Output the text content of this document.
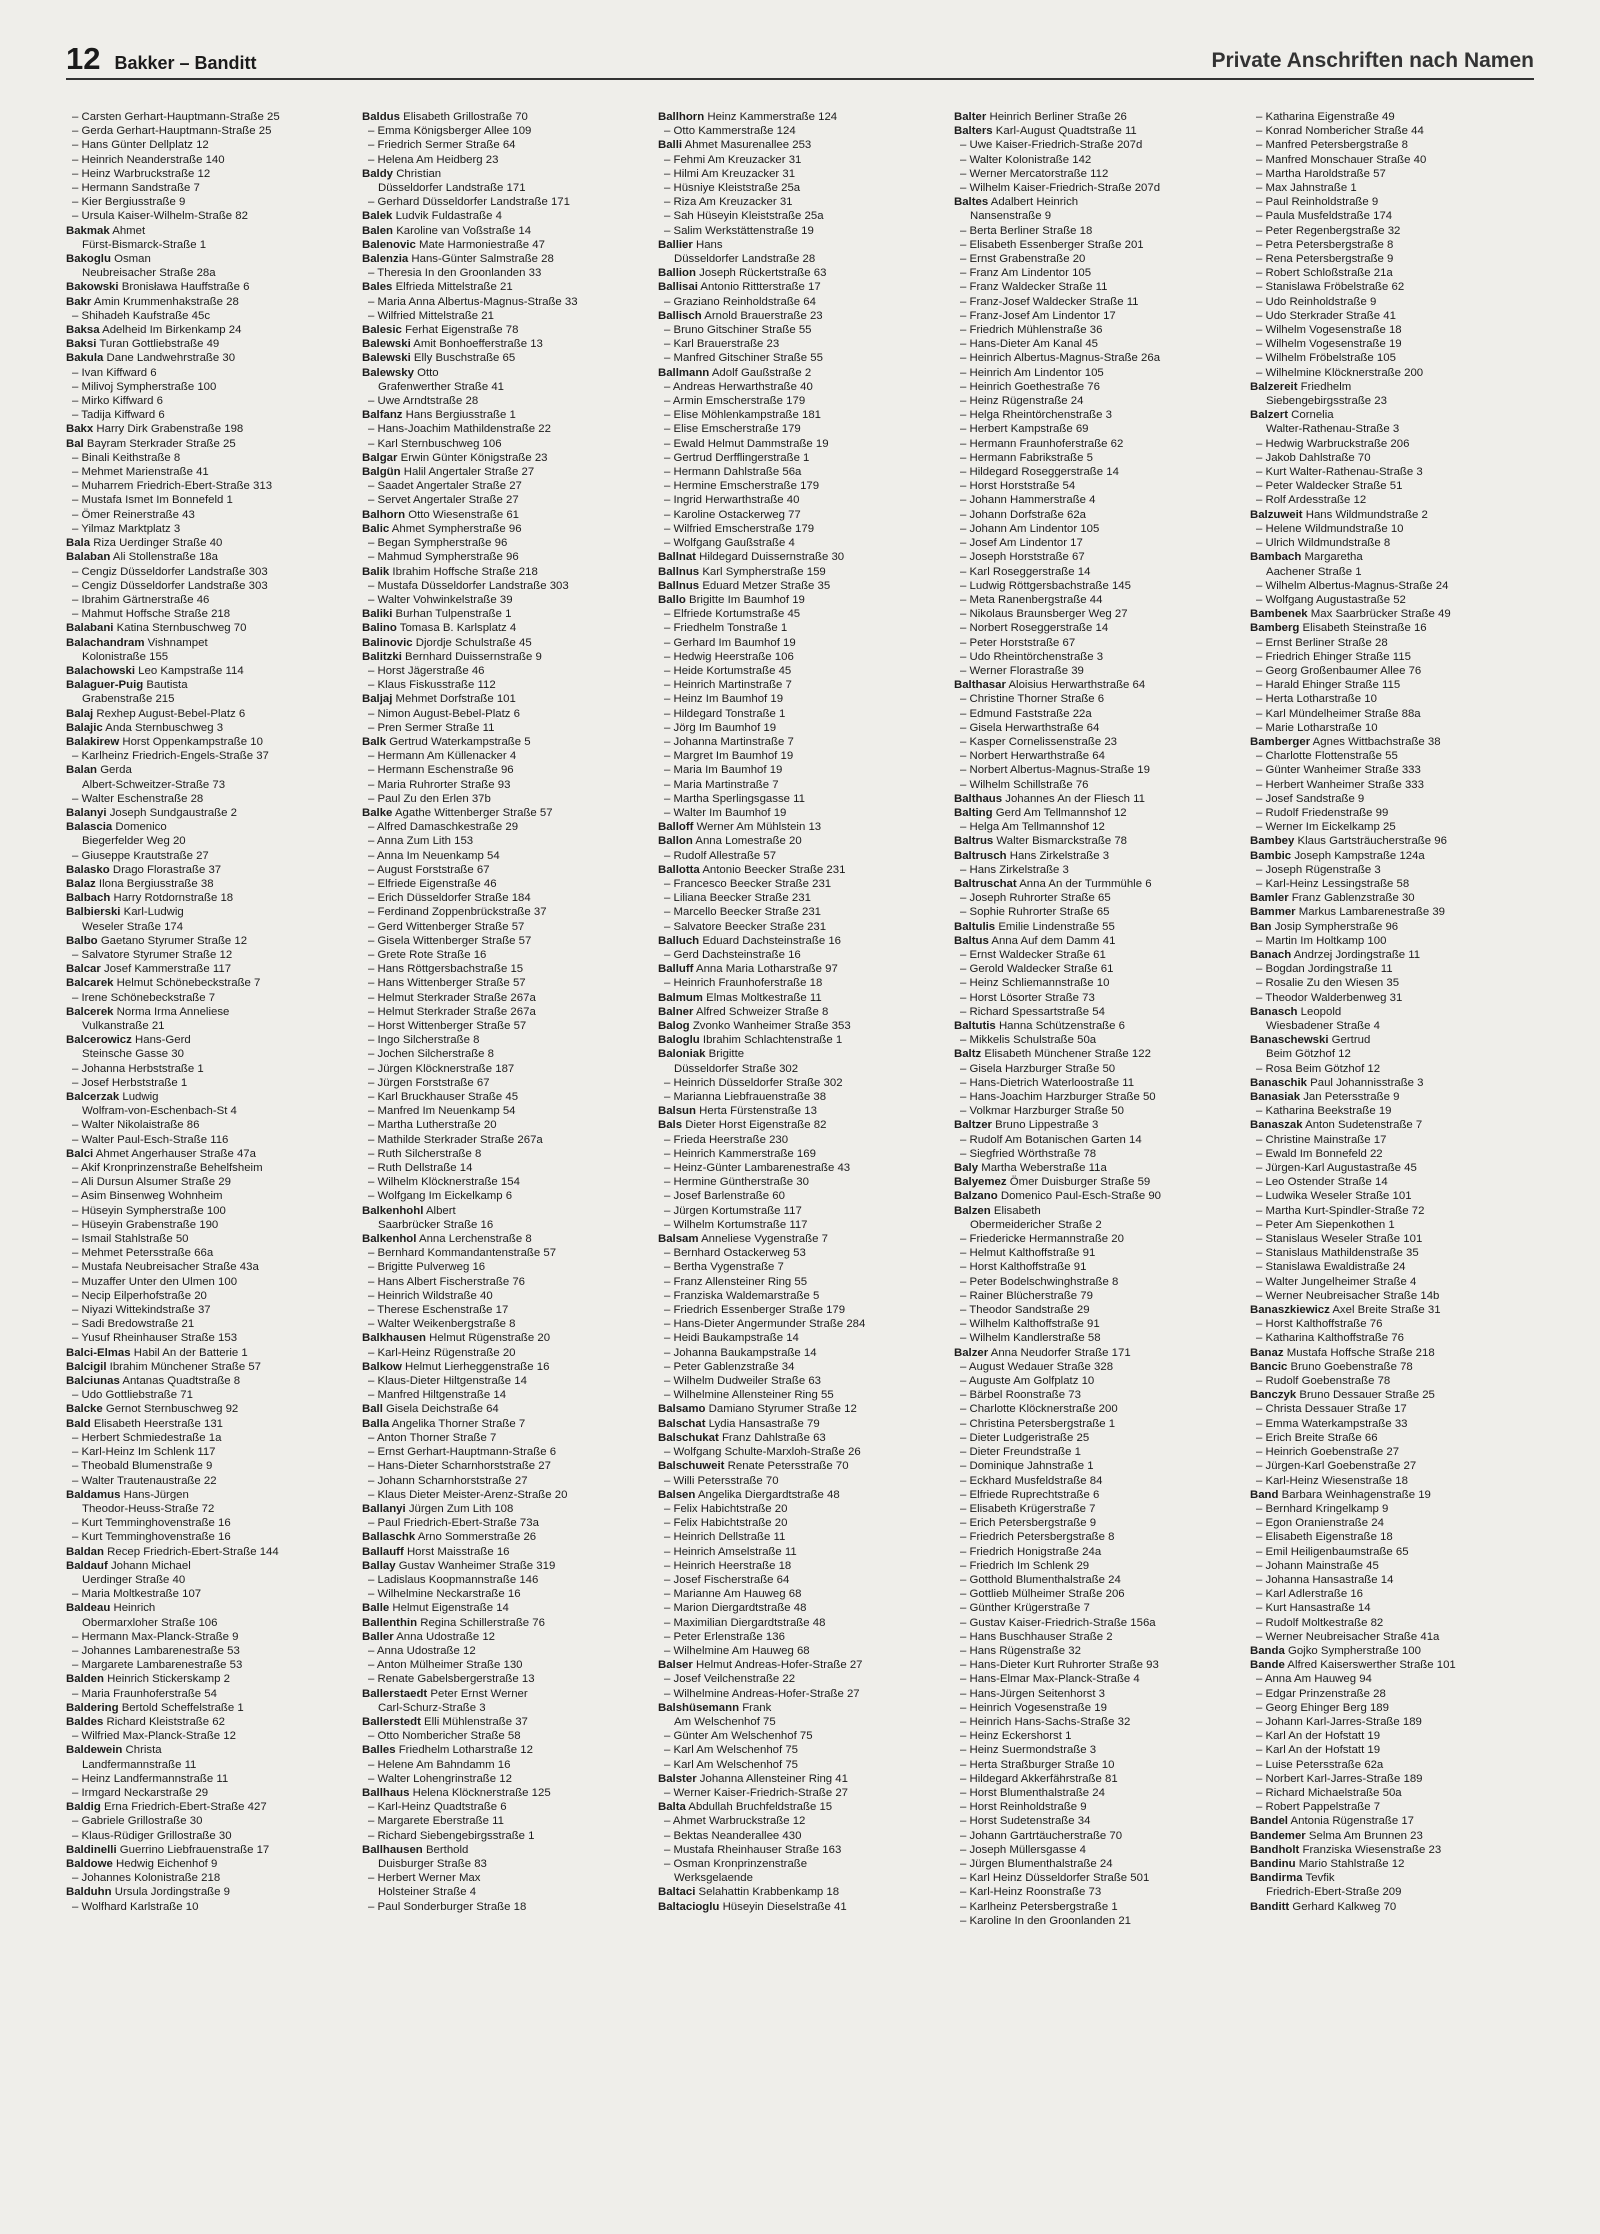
12 Bakker – Banditt	Private Anschriften nach Namen
– Carsten Gerhart-Hauptmann-Straße 25
– Gerda Gerhart-Hauptmann-Straße 25
– Hans Günter Dellplatz 12
– Heinrich Neanderstraße 140
– Heinz Warbruckstraße 12
– Hermann Sandstraße 7
– Kier Bergiusstraße 9
– Ursula Kaiser-Wilhelm-Straße 82
Bakmak Ahmet
Fürst-Bismarck-Straße 1
Bakoglu Osman
Neubreisacher Straße 28a
Bakowski Bronisława Hauffstraße 6
Bakr Amin Krummenhakstraße 28
– Shihadeh Kaufstraße 45c
Baksa Adelheid Im Birkenkamp 24
Baksi Turan Gottliebstraße 49
Bakula Dane Landwehrstraße 30
– Ivan Kiffward 6
– Milivoj Sympherstraße 100
– Mirko Kiffward 6
– Tadija Kiffward 6
Bakx Harry Dirk Grabenstraße 198
Bal Bayram Sterkrader Straße 25
– Binali Keithstraße 8
– Mehmet Marienstraße 41
– Muharrem Friedrich-Ebert-Straße 313
– Mustafa Ismet Im Bonnefeld 1
– Ömer Reinerstraße 43
– Yilmaz Marktplatz 3
Bala Riza Uerdinger Straße 40
Balaban Ali Stollenstraße 18a
– Cengiz Düsseldorfer Landstraße 303
– Cengiz Düsseldorfer Landstraße 303
– Ibrahim Gärtnerstraße 46
– Mahmut Hoffsche Straße 218
Balabani Katina Sternbuschweg 70
Balachandram Vishnampet
Kolonistraße 155
Balachowski Leo Kampstraße 114
Balaguer-Puig Bautista
Grabenstraße 215
Balaj Rexhep August-Bebel-Platz 6
Balajic Anda Sternbuschweg 3
Balakirew Horst Oppenkampstraße 10
– Karlheinz Friedrich-Engels-Straße 37
Balan Gerda
Albert-Schweitzer-Straße 73
– Walter Eschenstraße 28
Balanyi Joseph Sundgaustraße 2
Balascia Domenico
Biegerfelder Weg 20
– Giuseppe Krautstraße 27
Balasko Drago Florastraße 37
Balaz Ilona Bergiusstraße 38
Balbach Harry Rotdornstraße 18
Balbierski Karl-Ludwig
Weseler Straße 174
Balbo Gaetano Styrumer Straße 12
– Salvatore Styrumer Straße 12
Balcar Josef Kammerstraße 117
Balcarek Helmut Schönebeckstraße 7
– Irene Schönebeckstraße 7
Balcerek Norma Irma Anneliese
Vulkanstraße 21
Balcerowicz Hans-Gerd
Steinsche Gasse 30
– Johanna Herbststraße 1
– Josef Herbststraße 1
Balcerzak Ludwig
Wolfram-von-Eschenbach-St 4
– Walter Nikolaistraße 86
– Walter Paul-Esch-Straße 116
Balci Ahmet Angerhauser Straße 47a
– Akif Kronprinzenstraße Behelfsheim
– Ali Dursun Alsumer Straße 29
– Asim Binsenweg Wohnheim
– Hüseyin Sympherstraße 100
– Hüseyin Grabenstraße 190
– Ismail Stahlstraße 50
– Mehmet Petersstraße 66a
– Mustafa Neubreisacher Straße 43a
– Muzaffer Unter den Ulmen 100
– Necip Eilperhofstraße 20
– Niyazi Wittekindstraße 37
– Sadi Bredowstraße 21
– Yusuf Rheinhauser Straße 153
Balci-Elmas Habil An der Batterie 1
Balcigil Ibrahim Münchener Straße 57
Balciunas Antanas Quadtstraße 8
– Udo Gottliebstraße 71
Balcke Gernot Sternbuschweg 92
Bald Elisabeth Heerstraße 131
– Herbert Schmiedestraße 1a
– Karl-Heinz Im Schlenk 117
– Theobald Blumenstraße 9
– Walter Trautenaustraße 22
Baldamus Hans-Jürgen
Theodor-Heuss-Straße 72
– Kurt Temminghovenstraße 16
– Kurt Temminghovenstraße 16
Baldan Recep Friedrich-Ebert-Straße 144
Baldauf Johann Michael
Uerdinger Straße 40
– Maria Moltkestraße 107
Baldeau Heinrich
Obermarxloher Straße 106
– Hermann Max-Planck-Straße 9
– Johannes Lambarenestraße 53
– Margarete Lambarenestraße 53
Balden Heinrich Stickerskamp 2
– Maria Fraunhoferstraße 54
Baldering Bertold Scheffelstraße 1
Baldes Richard Kleiststraße 62
– Wilfried Max-Planck-Straße 12
Baldewein Christa
Landfermannstraße 11
– Heinz Landfermannstraße 11
– Irmgard Neckarstraße 29
Baldig Erna Friedrich-Ebert-Straße 427
– Gabriele Grillostraße 30
– Klaus-Rüdiger Grillostraße 30
Baldinelli Guerrino Liebfrauenstraße 17
Baldowe Hedwig Eichenhof 9
– Johannes Kolonistraße 218
Balduhn Ursula Jordingstraße 9
– Wolfhard Karlstraße 10
Baldus Elisabeth Grillostraße 70
– Emma Königsberger Allee 109
– Friedrich Sermer Straße 64
– Helena Am Heidberg 23
Baldy Christian
Düsseldorfer Landstraße 171
– Gerhard Düsseldorfer Landstraße 171
Balek Ludvik Fuldastraße 4
Balen Karoline van Voßstraße 14
Balenovic Mate Harmoniestraße 47
Balenzia Hans-Günter Salmstraße 28
– Theresia In den Groonlanden 33
Bales Elfrieda Mittelstraße 21
– Maria Anna Albertus-Magnus-Straße 33
– Wilfried Mittelstraße 21
Balesic Ferhat Eigenstraße 78
Balewski Amit Bonhoefferstraße 13
Balewski Elly Buschstraße 65
Balewsky Otto
Grafenwerther Straße 41
– Uwe Arndtstraße 28
Balfanz Hans Bergiusstraße 1
– Hans-Joachim Mathildenstraße 22
– Karl Sternbuschweg 106
Balgar Erwin Günter Königstraße 23
Balgün Halil Angertaler Straße 27
– Saadet Angertaler Straße 27
– Servet Angertaler Straße 27
Balhorn Otto Wiesenstraße 61
Balic Ahmet Sympherstraße 96
– Began Sympherstraße 96
– Mahmud Sympherstraße 96
Balik Ibrahim Hoffsche Straße 218
– Mustafa Düsseldorfer Landstraße 303
– Walter Vohwinkelstraße 39
Baliki Burhan Tulpenstraße 1
Balino Tomasa B. Karlsplatz 4
Balinovic Djordje Schulstraße 45
Balitzki Bernhard Duissernstraße 9
– Horst Jägerstraße 46
– Klaus Fiskusstraße 112
Baljaj Mehmet Dorfstraße 101
– Nimon August-Bebel-Platz 6
– Pren Sermer Straße 11
Balk Gertrud Waterkampstraße 5
– Hermann Am Küllenacker 4
– Hermann Eschenstraße 96
– Maria Ruhrorter Straße 93
– Paul Zu den Erlen 37b
Balke Agathe Wittenberger Straße 57
– Alfred Damaschkestraße 29
– Anna Zum Lith 153
– Anna Im Neuenkamp 54
– August Forststraße 67
– Elfriede Eigenstraße 46
– Erich Düsseldorfer Straße 184
– Ferdinand Zoppenbrückstraße 37
– Gerd Wittenberger Straße 57
– Gisela Wittenberger Straße 57
– Grete Rote Straße 16
– Hans Röttgersbachstraße 15
– Hans Wittenberger Straße 57
– Helmut Sterkrader Straße 267a
– Helmut Sterkrader Straße 267a
– Horst Wittenberger Straße 57
– Ingo Silcherstraße 8
– Jochen Silcherstraße 8
– Jürgen Klöcknerstraße 187
– Jürgen Forststraße 67
– Karl Bruckhauser Straße 45
– Manfred Im Neuenkamp 54
– Martha Lutherstraße 20
– Mathilde Sterkrader Straße 267a
– Ruth Silcherstraße 8
– Ruth Dellstraße 14
– Wilhelm Klöcknerstraße 154
– Wolfgang Im Eickelkamp 6
Balkenhohl Albert
Saarbrücker Straße 16
Balkenhol Anna Lerchenstraße 8
– Bernhard Kommandantenstraße 57
– Brigitte Pulverweg 16
– Hans Albert Fischerstraße 76
– Heinrich Wildstraße 40
– Therese Eschenstraße 17
– Walter Weikenbergstraße 8
Balkhausen Helmut Rügenstraße 20
– Karl-Heinz Rügenstraße 20
Balkow Helmut Lierheggenstraße 16
– Klaus-Dieter Hiltgenstraße 14
– Manfred Hiltgenstraße 14
Ball Gisela Deichstraße 64
Balla Angelika Thorner Straße 7
– Anton Thorner Straße 7
– Ernst Gerhart-Hauptmann-Straße 6
– Hans-Dieter Scharnhorststraße 27
– Johann Scharnhorststraße 27
– Klaus Dieter Meister-Arenz-Straße 20
Ballanyi Jürgen Zum Lith 108
– Paul Friedrich-Ebert-Straße 73a
Ballaschk Arno Sommerstraße 26
Ballauff Horst Maisstraße 16
Ballay Gustav Wanheimer Straße 319
– Ladislaus Koopmannstraße 146
– Wilhelmine Neckarstraße 16
Balle Helmut Eigenstraße 14
Ballenthin Regina Schillerstraße 76
Baller Anna Udostraße 12
– Anna Udostraße 12
– Anton Mülheimer Straße 130
– Renate Gabelsbergerstraße 13
Ballerstaedt Peter Ernst Werner
Carl-Schurz-Straße 3
Ballerstedt Elli Mühlenstraße 37
– Otto Nombericher Straße 58
Balles Friedhelm Lotharstraße 12
– Helene Am Bahndamm 16
– Walter Lohengrinstraße 12
Ballhaus Helena Klöcknerstraße 125
– Karl-Heinz Quadtstraße 6
– Margarete Eberstraße 11
– Richard Siebengebirgsstraße 1
Ballhausen Berthold
Duisburger Straße 83
– Herbert Werner Max
Holsteiner Straße 4
– Paul Sonderburger Straße 18
Ballhorn Heinz Kammerstraße 124
– Otto Kammerstraße 124
Balli Ahmet Masurenallee 253
– Fehmi Am Kreuzacker 31
– Hilmi Am Kreuzacker 31
– Hüsniye Kleiststraße 25a
– Riza Am Kreuzacker 31
– Sah Hüseyin Kleiststraße 25a
– Salim Werkstättenstraße 19
Ballier Hans
Düsseldorfer Landstraße 28
Ballion Joseph Rückertstraße 63
Ballisai Antonio Rittterstraße 17
– Graziano Reinholdstraße 64
Ballisch Arnold Brauerstraße 23
– Bruno Gitschiner Straße 55
– Karl Brauerstraße 23
– Manfred Gitschiner Straße 55
Ballmann Adolf Gaußstraße 2
– Andreas Herwarthstraße 40
– Armin Emscherstraße 179
– Elise Möhlenkampstraße 181
– Elise Emscherstraße 179
– Ewald Helmut Dammstraße 19
– Gertrud Derfflingerstraße 1
– Hermann Dahlstraße 56a
– Hermine Emscherstraße 179
– Ingrid Herwarthstraße 40
– Karoline Ostackerweg 77
– Wilfried Emscherstraße 179
– Wolfgang Gaußstraße 4
Ballnat Hildegard Duissernstraße 30
Ballnus Karl Sympherstraße 159
Ballnus Eduard Metzer Straße 35
Ballo Brigitte Im Baumhof 19
– Elfriede Kortumstraße 45
– Friedhelm Tonstraße 1
– Gerhard Im Baumhof 19
– Hedwig Heerstraße 106
– Heide Kortumstraße 45
– Heinrich Martinstraße 7
– Heinz Im Baumhof 19
– Hildegard Tonstraße 1
– Jörg Im Baumhof 19
– Johanna Martinstraße 7
– Margret Im Baumhof 19
– Maria Im Baumhof 19
– Maria Martinstraße 7
– Martha Sperlingsgasse 11
– Walter Im Baumhof 19
Balloff Werner Am Mühlstein 13
Ballon Anna Lomestraße 20
– Rudolf Allestraße 57
Ballotta Antonio Beecker Straße 231
– Francesco Beecker Straße 231
– Liliana Beecker Straße 231
– Marcello Beecker Straße 231
– Salvatore Beecker Straße 231
Balluch Eduard Dachsteinstraße 16
– Gerd Dachsteinstraße 16
Balluff Anna Maria Lotharstraße 97
– Heinrich Fraunhoferstraße 18
Balmum Elmas Moltkestraße 11
Balner Alfred Schweizer Straße 8
Balog Zvonko Wanheimer Straße 353
Baloglu Ibrahim Schlachtenstraße 1
Baloniak Brigitte
Düsseldorfer Straße 302
– Heinrich Düsseldorfer Straße 302
– Marianna Liebfrauenstraße 38
Balsun Herta Fürstenstraße 13
Bals Dieter Horst Eigenstraße 82
– Frieda Heerstraße 230
– Heinrich Kammerstraße 169
– Heinz-Günter Lambarenestraße 43
– Hermine Güntherstraße 30
– Josef Barlenstraße 60
– Jürgen Kortumstraße 117
– Wilhelm Kortumstraße 117
Balsam Anneliese Vygenstraße 7
– Bernhard Ostackerweg 53
– Bertha Vygenstraße 7
– Franz Allensteiner Ring 55
– Franziska Waldemarstraße 5
– Friedrich Essenberger Straße 179
– Hans-Dieter Angermunder Straße 284
– Heidi Baukampstraße 14
– Johanna Baukampstraße 14
– Peter Gablenzstraße 34
– Wilhelm Dudweiler Straße 63
– Wilhelmine Allensteiner Ring 55
Balsamo Damiano Styrumer Straße 12
Balschat Lydia Hansastraße 79
Balschukat Franz Dahlstraße 63
– Wolfgang Schulte-Marxloh-Straße 26
Balschuweit Renate Petersstraße 70
– Willi Petersstraße 70
Balsen Angelika Diergardtstraße 48
– Felix Habichtstraße 20
– Felix Habichtstraße 20
– Heinrich Dellstraße 11
– Heinrich Amselstraße 11
– Heinrich Heerstraße 18
– Josef Fischerstraße 64
– Marianne Am Hauweg 68
– Marion Diergardtstraße 48
– Maximilian Diergardtstraße 48
– Peter Erlenstraße 136
– Wilhelmine Am Hauweg 68
Balser Helmut Andreas-Hofer-Straße 27
– Josef Veilchenstraße 22
– Wilhelmine Andreas-Hofer-Straße 27
Balshüsemann Frank
Am Welschenhof 75
– Günter Am Welschenhof 75
– Karl Am Welschenhof 75
– Karl Am Welschenhof 75
Balster Johanna Allensteiner Ring 41
– Werner Kaiser-Friedrich-Straße 27
Balta Abdullah Bruchfeldstraße 15
– Ahmet Warbruckstraße 12
– Bektas Neanderallee 430
– Mustafa Rheinhauser Straße 163
– Osman Kronprinzenstraße
Werksgelaende
Baltaci Selahattin Krabbenkamp 18
Baltacioglu Hüseyin Dieselstraße 41
Balter Heinrich Berliner Straße 26
Balters Karl-August Quadtstraße 11
– Uwe Kaiser-Friedrich-Straße 207d
– Walter Kolonistraße 142
– Werner Mercatorstraße 112
– Wilhelm Kaiser-Friedrich-Straße 207d
Baltes Adalbert Heinrich
Nansenstraße 9
– Berta Berliner Straße 18
– Elisabeth Essenberger Straße 201
– Ernst Grabenstraße 20
– Franz Am Lindentor 105
– Franz Waldecker Straße 11
– Franz-Josef Waldecker Straße 11
– Franz-Josef Am Lindentor 17
– Friedrich Mühlenstraße 36
– Hans-Dieter Am Kanal 45
– Heinrich Albertus-Magnus-Straße 26a
– Heinrich Am Lindentor 105
– Heinrich Goethestraße 76
– Heinz Rügenstraße 24
– Helga Rheintörchenstraße 3
– Herbert Kampstraße 69
– Hermann Fraunhoferstraße 62
– Hermann Fabrikstraße 5
– Hildegard Roseggerstraße 14
– Horst Horststraße 54
– Johann Hammerstraße 4
– Johann Dorfstraße 62a
– Johann Am Lindentor 105
– Josef Am Lindentor 17
– Joseph Horststraße 67
– Karl Roseggerstraße 14
– Ludwig Röttgersbachstraße 145
– Meta Ranenbergstraße 44
– Nikolaus Braunsberger Weg 27
– Norbert Roseggerstraße 14
– Peter Horststraße 67
– Udo Rheintörchenstraße 3
– Werner Florastraße 39
Balthasar Aloisius Herwarthstraße 64
– Christine Thorner Straße 6
– Edmund Faststraße 22a
– Gisela Herwarthstraße 64
– Kasper Cornelissenstraße 23
– Norbert Herwarthstraße 64
– Norbert Albertus-Magnus-Straße 19
– Wilhelm Schillstraße 76
Balthaus Johannes An der Fliesch 11
Balting Gerd Am Tellmannshof 12
– Helga Am Tellmannshof 12
Baltrus Walter Bismarckstraße 78
Baltrusch Hans Zirkelstraße 3
– Hans Zirkelstraße 3
Baltruschat Anna An der Turmmühle 6
– Joseph Ruhrorter Straße 65
– Sophie Ruhrorter Straße 65
Baltulis Emilie Lindenstraße 55
Baltus Anna Auf dem Damm 41
– Ernst Waldecker Straße 61
– Gerold Waldecker Straße 61
– Heinz Schliemannstraße 10
– Horst Lösorter Straße 73
– Richard Spessartstraße 54
Baltutis Hanna Schützenstraße 6
– Mikkelis Schulstraße 50a
Baltz Elisabeth Münchener Straße 122
– Gisela Harzburger Straße 50
– Hans-Dietrich Waterloostraße 11
– Hans-Joachim Harzburger Straße 50
– Volkmar Harzburger Straße 50
Baltzer Bruno Lippestraße 3
– Rudolf Am Botanischen Garten 14
– Siegfried Wörthstraße 78
Baly Martha Weberstraße 11a
Balyemez Ömer Duisburger Straße 59
Balzano Domenico Paul-Esch-Straße 90
Balzen Elisabeth
Obermeidericher Straße 2
– Friedericke Hermannstraße 20
– Helmut Kalthoffstraße 91
– Horst Kalthoffstraße 91
– Peter Bodelschwinghstraße 8
– Rainer Blücherstraße 79
– Theodor Sandstraße 29
– Wilhelm Kalthoffstraße 91
– Wilhelm Kandlerstraße 58
Balzer Anna Neudorfer Straße 171
– August Wedauer Straße 328
– Auguste Am Golfplatz 10
– Bärbel Roonstraße 73
– Charlotte Klöcknerstraße 200
– Christina Petersbergstraße 1
– Dieter Ludgeristraße 25
– Dieter Freundstraße 1
– Dominique Jahnstraße 1
– Eckhard Musfeldstraße 84
– Elfriede Ruprechtstraße 6
– Elisabeth Krügerstraße 7
– Erich Petersbergstraße 9
– Friedrich Petersbergstraße 8
– Friedrich Honigstraße 24a
– Friedrich Im Schlenk 29
– Gotthold Blumenthalstraße 24
– Gottlieb Mülheimer Straße 206
– Günther Krügerstraße 7
– Gustav Kaiser-Friedrich-Straße 156a
– Hans Buschhauser Straße 2
– Hans Rügenstraße 32
– Hans-Dieter Kurt Ruhrorter Straße 93
– Hans-Elmar Max-Planck-Straße 4
– Hans-Jürgen Seitenhorst 3
– Heinrich Vogesenstraße 19
– Heinrich Hans-Sachs-Straße 32
– Heinz Eckershorst 1
– Heinz Suermondstraße 3
– Herta Straßburger Straße 10
– Hildegard Akkerfährstraße 81
– Horst Blumenthalstraße 24
– Horst Reinholdstraße 9
– Horst Sudetenstraße 34
– Johann Gartrtäucherstraße 70
– Joseph Müllersgasse 4
– Jürgen Blumenthalstraße 24
– Karl Heinz Düsseldorfer Straße 501
– Karl-Heinz Roonstraße 73
– Karlheinz Petersbergstraße 1
– Karoline In den Groonlanden 21
– Katharina Eigenstraße 49
– Konrad Nombericher Straße 44
– Manfred Petersbergstraße 8
– Manfred Monschauer Straße 40
– Martha Haroldstraße 57
– Max Jahnstraße 1
– Paul Reinholdstraße 9
– Paula Musfeldstraße 174
– Peter Regenbergstraße 32
– Petra Petersbergstraße 8
– Rena Petersbergstraße 9
– Robert Schloßstraße 21a
– Stanislawa Fröbelstraße 62
– Udo Reinholdstraße 9
– Udo Sterkrader Straße 41
– Wilhelm Vogesenstraße 18
– Wilhelm Vogesenstraße 19
– Wilhelm Fröbelstraße 105
– Wilhelmine Klöcknerstraße 200
Balzereit Friedhelm
Siebengebirgsstraße 23
Balzert Cornelia
Walter-Rathenau-Straße 3
– Hedwig Warbruckstraße 206
– Jakob Dahlstraße 70
– Kurt Walter-Rathenau-Straße 3
– Peter Waldecker Straße 51
– Rolf Ardesstraße 12
Balzuweit Hans Wildmundstraße 2
– Helene Wildmundstraße 10
– Ulrich Wildmundstraße 8
Bambach Margaretha
Aachener Straße 1
– Wilhelm Albertus-Magnus-Straße 24
– Wolfgang Augustastraße 52
Bambenek Max Saarbrücker Straße 49
Bamberg Elisabeth Steinstraße 16
– Ernst Berliner Straße 28
– Friedrich Ehinger Straße 115
– Georg Großenbaumer Allee 76
– Harald Ehinger Straße 115
– Herta Lotharstraße 10
– Karl Mündelheimer Straße 88a
– Marie Lotharstraße 10
Bamberger Agnes Wittbachstraße 38
– Charlotte Flottenstraße 55
– Günter Wanheimer Straße 333
– Herbert Wanheimer Straße 333
– Josef Sandstraße 9
– Rudolf Friedenstraße 99
– Werner Im Eickelkamp 25
Bambey Klaus Gartsträucherstraße 96
Bambic Joseph Kampstraße 124a
– Joseph Rügenstraße 3
– Karl-Heinz Lessingstraße 58
Bamler Franz Gablenzstraße 30
Bammer Markus Lambarenestraße 39
Ban Josip Sympherstraße 96
– Martin Im Holtkamp 100
Banach Andrzej Jordingstraße 11
– Bogdan Jordingstraße 11
– Rosalie Zu den Wiesen 35
– Theodor Walderbenweg 31
Banasch Leopold
Wiesbadener Straße 4
Banaschewski Gertrud
Beim Götzhof 12
– Rosa Beim Götzhof 12
Banaschik Paul Johannisstraße 3
Banasiak Jan Petersstraße 9
– Katharina Beekstraße 19
Banaszak Anton Sudetenstraße 7
– Christine Mainstraße 17
– Ewald Im Bonnefeld 22
– Jürgen-Karl Augustastraße 45
– Leo Ostender Straße 14
– Ludwika Weseler Straße 101
– Martha Kurt-Spindler-Straße 72
– Peter Am Siepenkothen 1
– Stanislaus Weseler Straße 101
– Stanislaus Mathildenstraße 35
– Stanislawa Ewaldistraße 24
– Walter Jungelheimer Straße 4
– Werner Neubreisacher Straße 14b
Banaszkiewicz Axel Breite Straße 31
– Horst Kalthoffstraße 76
– Katharina Kalthoffstraße 76
Banaz Mustafa Hoffsche Straße 218
Bancic Bruno Goebenstraße 78
– Rudolf Goebenstraße 78
Banczyk Bruno Dessauer Straße 25
– Christa Dessauer Straße 17
– Emma Waterkampstraße 33
– Erich Breite Straße 66
– Heinrich Goebenstraße 27
– Jürgen-Karl Goebenstraße 27
– Karl-Heinz Wiesenstraße 18
Band Barbara Weinhagenstraße 19
– Bernhard Kringelkamp 9
– Egon Oranienstraße 24
– Elisabeth Eigenstraße 18
– Emil Heiligenbaumstraße 65
– Johann Mainstraße 45
– Johanna Hansastraße 14
– Karl Adlerstraße 16
– Kurt Hansastraße 14
– Rudolf Moltkestraße 82
– Werner Neubreisacher Straße 41a
Banda Gojko Sympherstraße 100
Bande Alfred Kaiserswerther Straße 101
– Anna Am Hauweg 94
– Edgar Prinzenstraße 28
– Georg Ehinger Berg 189
– Johann Karl-Jarres-Straße 189
– Karl An der Hofstatt 19
– Karl An der Hofstatt 19
– Luise Petersstraße 62a
– Norbert Karl-Jarres-Straße 189
– Richard Michaelstraße 50a
– Robert Pappelstraße 7
Bandel Antonia Rügenstraße 17
Bandemer Selma Am Brunnen 23
Bandholt Franziska Wiesenstraße 23
Bandinu Mario Stahlstraße 12
Bandirma Tevfik
Friedrich-Ebert-Straße 209
Banditt Gerhard Kalkweg 70
